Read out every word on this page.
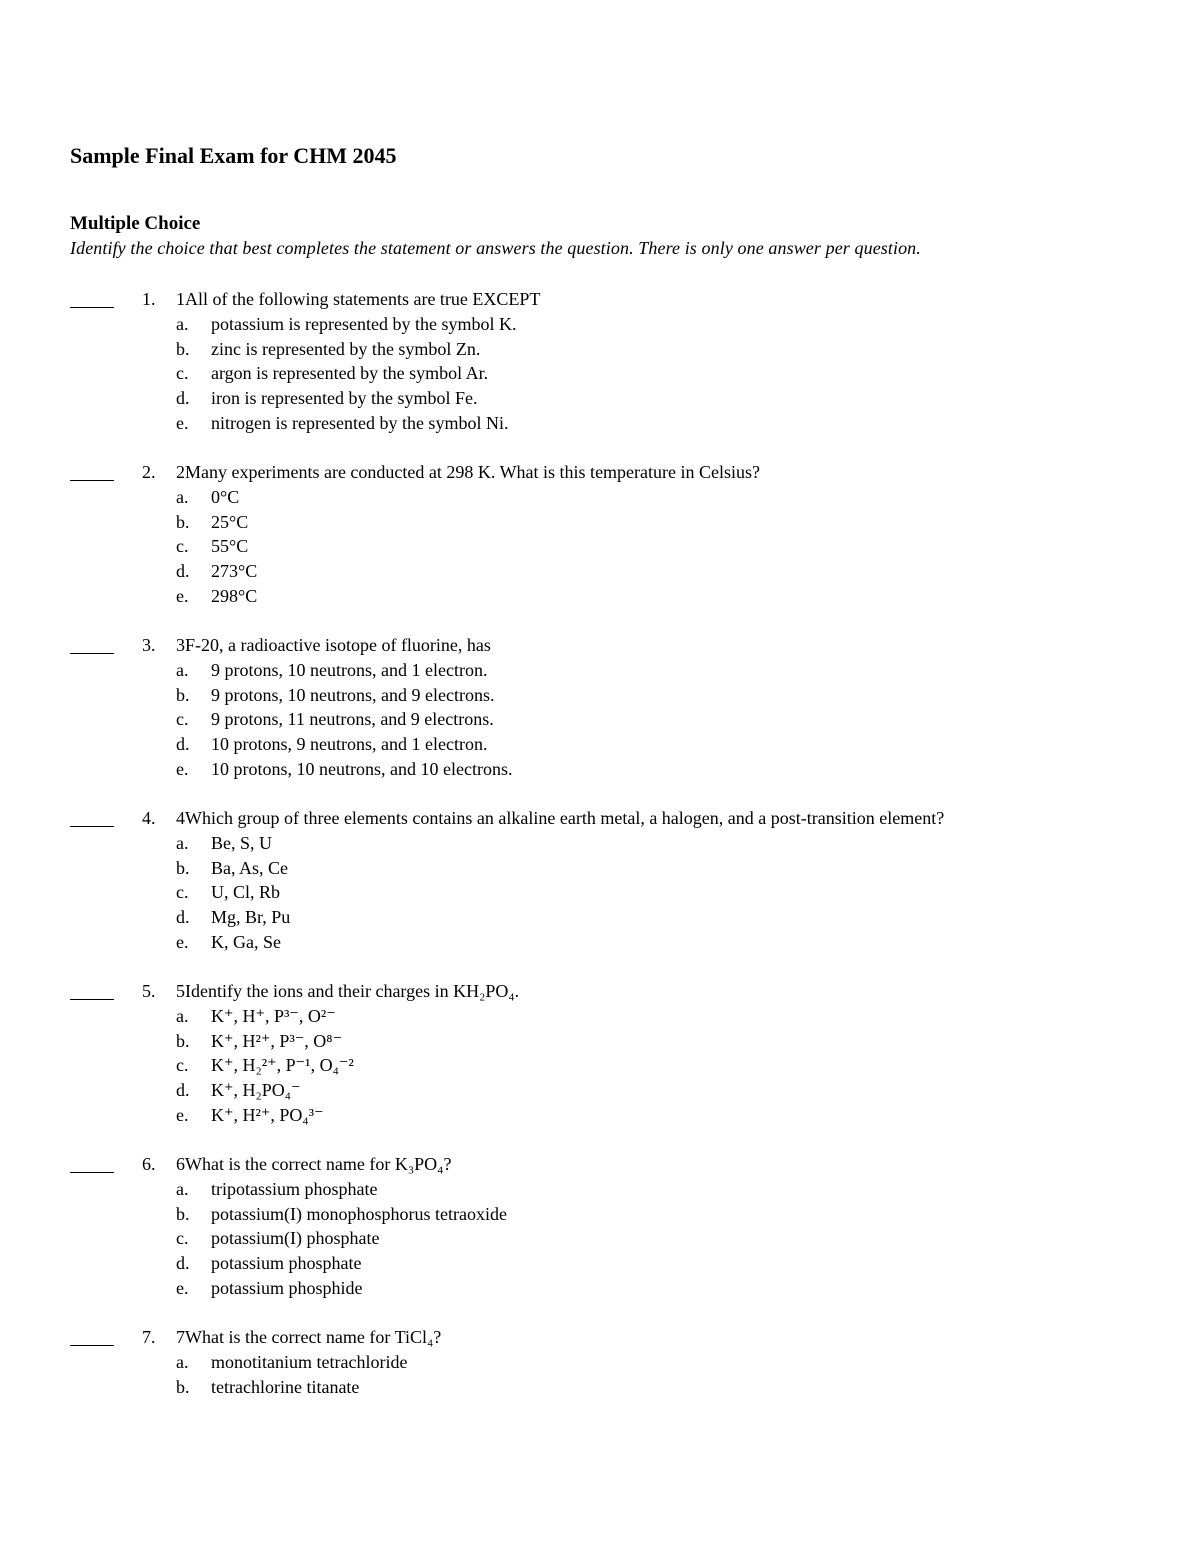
Sample Final Exam for CHM 2045
Multiple Choice
Identify the choice that best completes the statement or answers the question. There is only one answer per question.
1. 1All of the following statements are true EXCEPT
a. potassium is represented by the symbol K.
b. zinc is represented by the symbol Zn.
c. argon is represented by the symbol Ar.
d. iron is represented by the symbol Fe.
e. nitrogen is represented by the symbol Ni.
2. 2Many experiments are conducted at 298 K. What is this temperature in Celsius?
a. 0°C
b. 25°C
c. 55°C
d. 273°C
e. 298°C
3. 3F-20, a radioactive isotope of fluorine, has
a. 9 protons, 10 neutrons, and 1 electron.
b. 9 protons, 10 neutrons, and 9 electrons.
c. 9 protons, 11 neutrons, and 9 electrons.
d. 10 protons, 9 neutrons, and 1 electron.
e. 10 protons, 10 neutrons, and 10 electrons.
4. 4Which group of three elements contains an alkaline earth metal, a halogen, and a post-transition element?
a. Be, S, U
b. Ba, As, Ce
c. U, Cl, Rb
d. Mg, Br, Pu
e. K, Ga, Se
5. 5Identify the ions and their charges in KH₂PO₄.
a. K⁺, H⁺, P³⁻, O²⁻
b. K⁺, H²⁺, P³⁻, O⁸⁻
c. K⁺, H₂²⁺, P⁻¹, O₄⁻²
d. K⁺, H₂PO₄⁻
e. K⁺, H²⁺, PO₄³⁻
6. 6What is the correct name for K₃PO₄?
a. tripotassium phosphate
b. potassium(I) monophosphorus tetraoxide
c. potassium(I) phosphate
d. potassium phosphate
e. potassium phosphide
7. 7What is the correct name for TiCl₄?
a. monotitanium tetrachloride
b. tetrachlorine titanate
